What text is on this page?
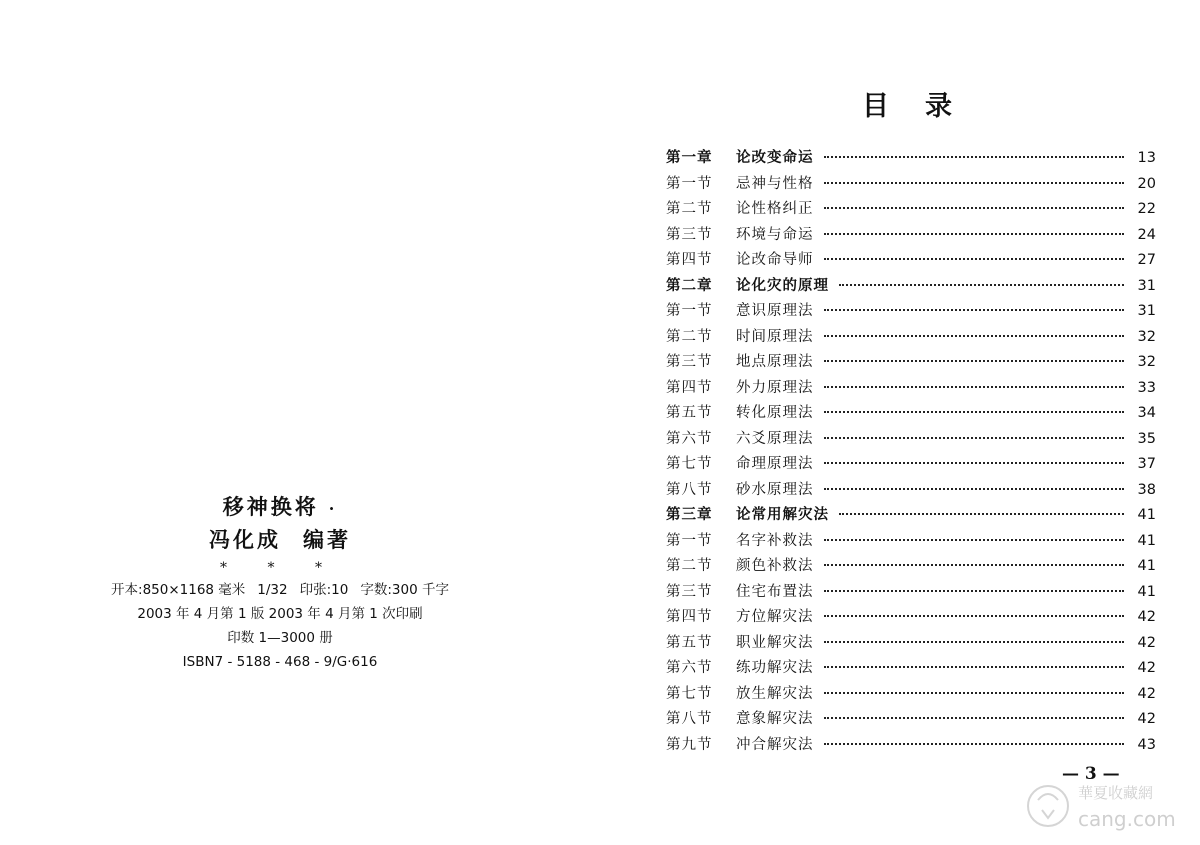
移神换将 ·
冯化成 编著
* * *
开本:850×1168 毫米 1/32 印张:10 字数:300 千字
2003 年 4 月第 1 版 2003 年 4 月第 1 次印刷
印数 1—3000 册
ISBN7 - 5188 - 468 - 9/G·616
目录
第一章	论改变命运	13
第一节	忌神与性格	20
第二节	论性格纠正	22
第三节	环境与命运	24
第四节	论改命导师	27
第二章	论化灾的原理	31
第一节	意识原理法	31
第二节	时间原理法	32
第三节	地点原理法	32
第四节	外力原理法	33
第五节	转化原理法	34
第六节	六爻原理法	35
第七节	命理原理法	37
第八节	砂水原理法	38
第三章	论常用解灾法	41
第一节	名字补救法	41
第二节	颜色补救法	41
第三节	住宅布置法	41
第四节	方位解灾法	42
第五节	职业解灾法	42
第六节	练功解灾法	42
第七节	放生解灾法	42
第八节	意象解灾法	42
第九节	冲合解灾法	43
— 3 —
華夏收藏網
cang.com
